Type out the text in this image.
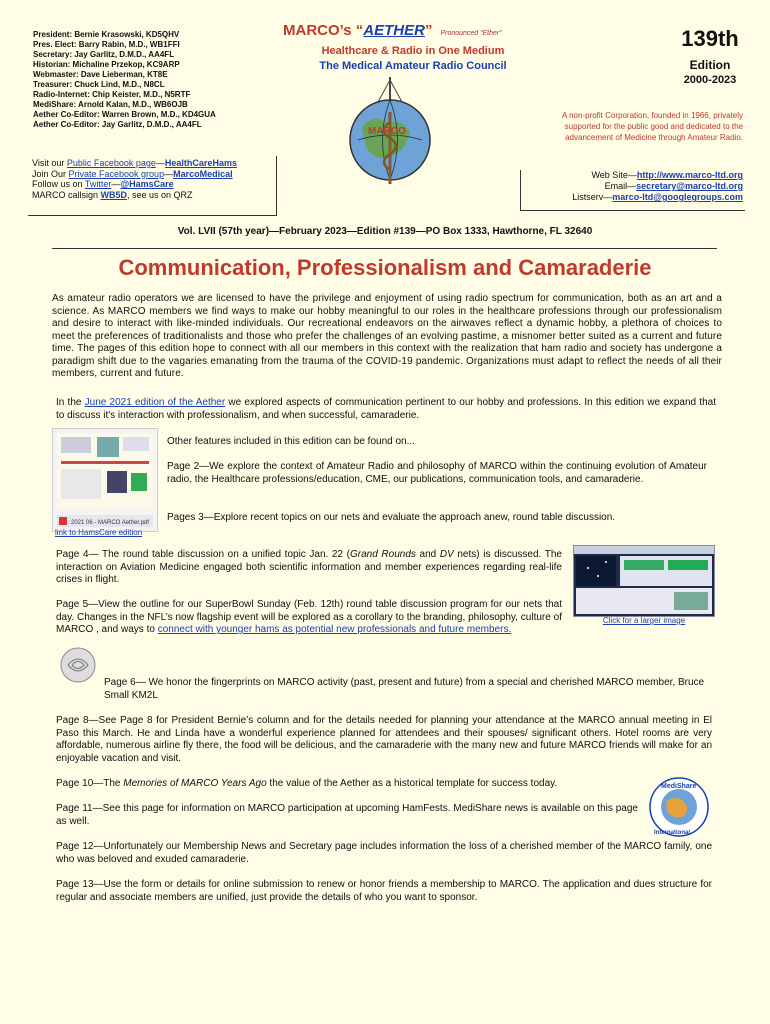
President: Bernie Krasowski, KD5QHV
Pres. Elect: Barry Rabin, M.D., WB1FFI
Secretary: Jay Garlitz, D.M.D., AA4FL
Historian: Michaline Przekop, KC9ARP
Webmaster: Dave Lieberman, KT8E
Treasurer: Chuck Lind, M.D., N8CL
Radio-Internet: Chip Keister, M.D., N5RTF
MediShare: Arnold Kalan, M.D., WB6OJB
Aether Co-Editor: Warren Brown, M.D., KD4GUA
Aether Co-Editor: Jay Garlitz, D.M.D., AA4FL
MARCO’s “AETHER” Pronounced “Ether”
Healthcare & Radio in One Medium
The Medical Amateur Radio Council
MARCO
139th
Edition
2000-2023
A non-profit Corporation, founded in 1966, privately supported for the public good and dedicated to the advancement of Medicine through Amateur Radio.
Visit our Public Facebook page—HealthCareHams
Join Our Private Facebook group—MarcoMedical
Follow us on Twitter—@HamsCare
MARCO callsign WB5D, see us on QRZ
Web Site—http://www.marco-ltd.org
Email—secretary@marco-ltd.org
Listserv—marco-ltd@googlegroups.com
Vol. LVII (57th year)—February 2023—Edition #139—PO Box 1333, Hawthorne, FL 32640
Communication, Professionalism and Camaraderie
As amateur radio operators we are licensed to have the privilege and enjoyment of using radio spectrum for communication, both as an art and a science. As MARCO members we find ways to make our hobby meaningful to our roles in the healthcare professions through our professionalism and desire to interact with like-minded individuals. Our recreational endeavors on the airwaves reflect a dynamic hobby, a plethora of choices to meet the preferences of traditionalists and those who prefer the challenges of an evolving pastime, a misnomer better suited as a current and future time. The pages of this edition hope to connect with all our members in this context with the realization that ham radio and society has undergone a paradigm shift due to the vagaries emanating from the trauma of the COVID-19 pandemic. Organizations must adapt to reflect the needs of all their members, current and future.
In the June 2021 edition of the Aether we explored aspects of communication pertinent to our hobby and professions. In this edition we expand that to discuss it's interaction with professionalism, and when successful, camaraderie.
2021 06 - MARCO Aether.pdf
link to HamsCare edition
Other features included in this edition can be found on...
Page 2—We explore the context of Amateur Radio and philosophy of MARCO within the continuing evolution of Amateur radio, the Healthcare professions/education, CME, our publications, communication tools, and camaraderie.
Pages 3—Explore recent topics on our nets and evaluate the approach anew, round table discussion.
Page 4— The round table discussion on a unified topic Jan. 22 (Grand Rounds and DV nets) is discussed. The interaction on Aviation Medicine engaged both scientific information and member experiences regarding real-life crises in flight.
Page 5—View the outline for our SuperBowl Sunday (Feb. 12th) round table discussion program for our nets that day. Changes in the NFL’s now flagship event will be explored as a corollary to the branding, philosophy, culture of MARCO , and ways to connect with younger hams as potential new professionals and future members.
Click for a larger image
Page 6— We honor the fingerprints on MARCO activity (past, present and future) from a special and cherished MARCO member, Bruce Small KM2L
Page 8—See Page 8 for President Bernie’s column and for the details needed for planning your attendance at the MARCO annual meeting in El Paso this March. He and Linda have a wonderful experience planned for attendees and their spouses/ significant others. Hotel rooms are very affordable, numerous airline fly there, the food will be delicious, and the camaraderie with the many new and future MARCO friends will make for an enjoyable vacation and visit.
Page 10—The Memories of MARCO Years Ago the value of the Aether as a historical template for success today.
Page 11—See this page for information on MARCO participation at upcoming HamFests. MediShare news is available on this page as well.
MediShare
International
Page 12—Unfortunately our Membership News and Secretary page includes information the loss of a cherished member of the MARCO family, one who was beloved and exuded camaraderie.
Page 13—Use the form or details for online submission to renew or honor friends a membership to MARCO. The application and dues structure for regular and associate members are unified, just provide the details of who you want to sponsor.
